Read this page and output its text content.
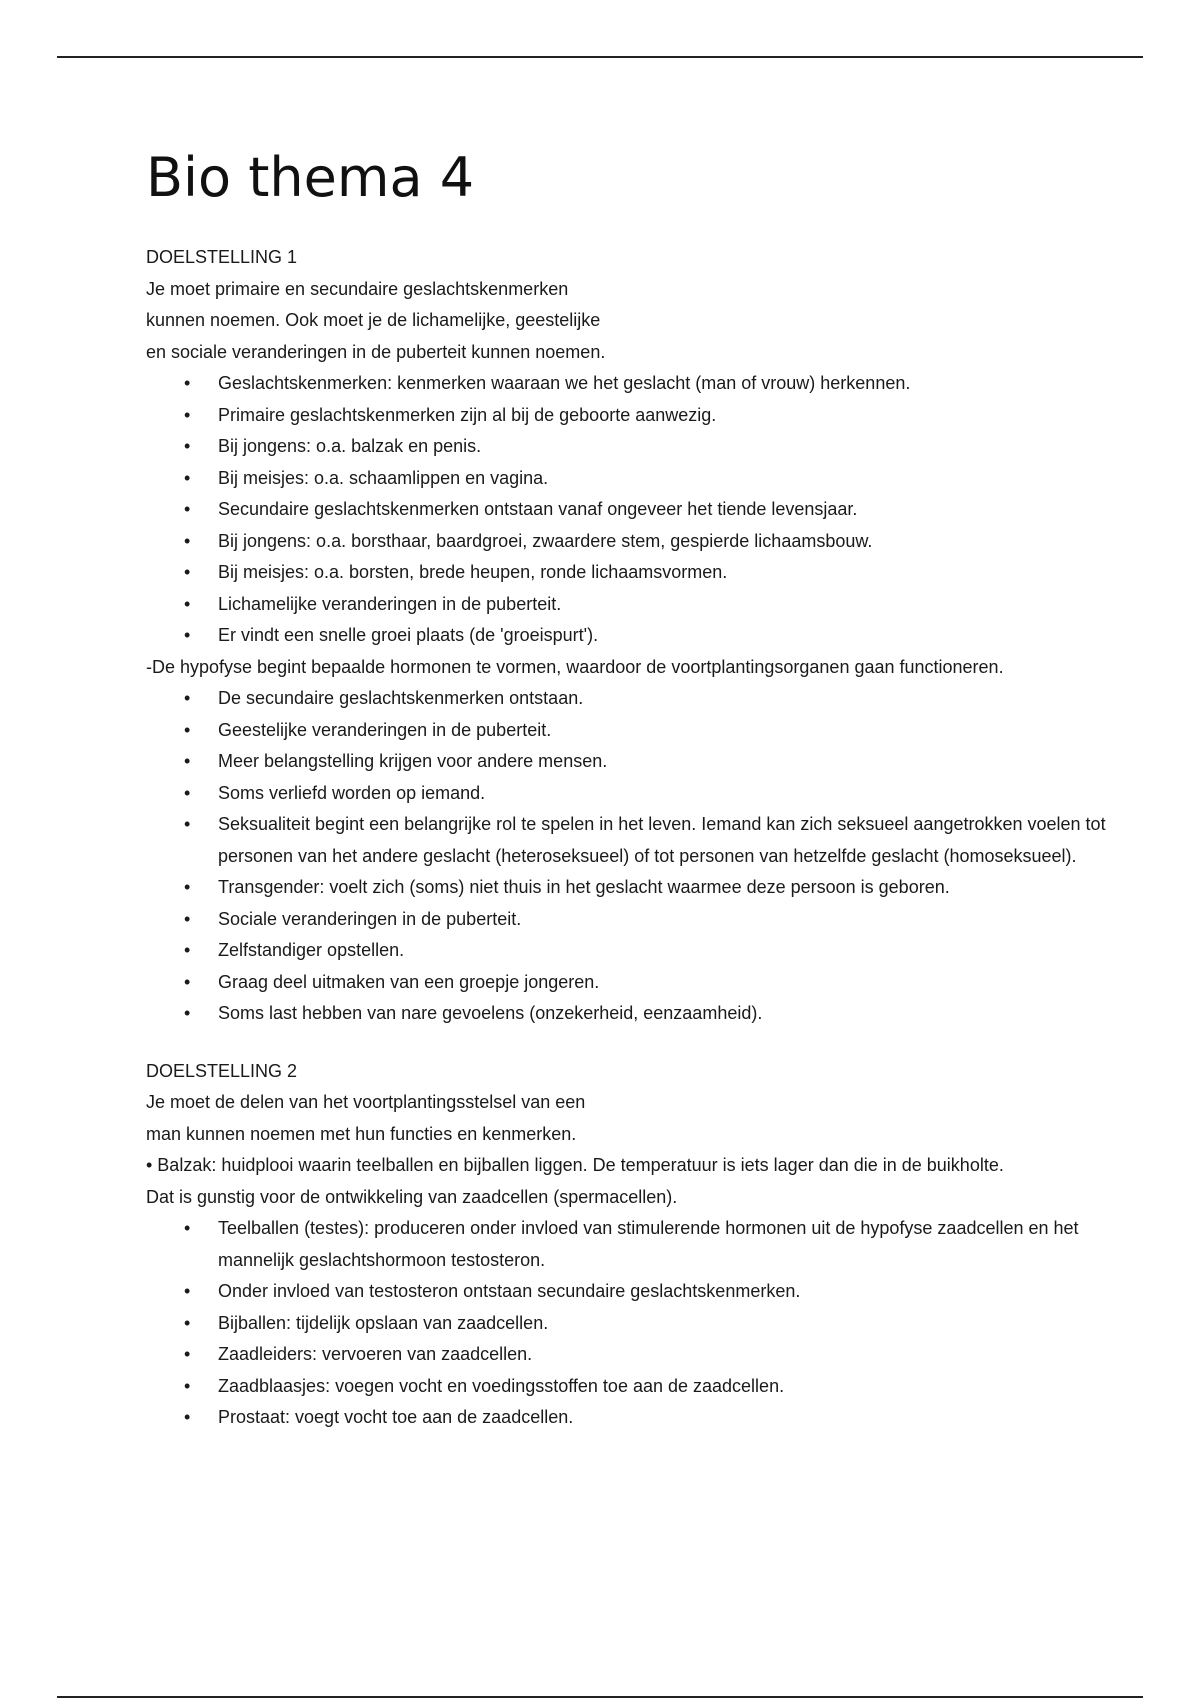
Bio thema 4

DOELSTELLING 1

Je moet primaire en secundaire geslachtskenmerken

kunnen noemen. Ook moet je de lichamelijke, geestelijke

en sociale veranderingen in de puberteit kunnen noemen.

• Geslachtskenmerken: kenmerken waaraan we het geslacht (man of vrouw) herkennen.
• Primaire geslachtskenmerken zijn al bij de geboorte aanwezig.
• Bij jongens: o.a. balzak en penis.
• Bij meisjes: o.a. schaamlippen en vagina.
• Secundaire geslachtskenmerken ontstaan vanaf ongeveer het tiende levensjaar.
• Bij jongens: o.a. borsthaar, baardgroei, zwaardere stem, gespierde lichaamsbouw.
• Bij meisjes: o.a. borsten, brede heupen, ronde lichaamsvormen.
• Lichamelijke veranderingen in de puberteit.
• Er vindt een snelle groei plaats (de 'groeispurt').

-De hypofyse begint bepaalde hormonen te vormen, waardoor de voortplantingsorganen gaan functioneren.

• De secundaire geslachtskenmerken ontstaan.
• Geestelijke veranderingen in de puberteit.
• Meer belangstelling krijgen voor andere mensen.
• Soms verliefd worden op iemand.
• Seksualiteit begint een belangrijke rol te spelen in het leven. Iemand kan zich seksueel aangetrokken voelen tot personen van het andere geslacht (heteroseksueel) of tot personen van hetzelfde geslacht (homoseksueel).
• Transgender: voelt zich (soms) niet thuis in het geslacht waarmee deze persoon is geboren.
• Sociale veranderingen in de puberteit.
• Zelfstandiger opstellen.
• Graag deel uitmaken van een groepje jongeren.
• Soms last hebben van nare gevoelens (onzekerheid, eenzaamheid).

DOELSTELLING 2

Je moet de delen van het voortplantingsstelsel van een

man kunnen noemen met hun functies en kenmerken.

• Balzak: huidplooi waarin teelballen en bijballen liggen. De temperatuur is iets lager dan die in de buikholte.

Dat is gunstig voor de ontwikkeling van zaadcellen (spermacellen).

• Teelballen (testes): produceren onder invloed van stimulerende hormonen uit de hypofyse zaadcellen en het mannelijk geslachtshormoon testosteron.
• Onder invloed van testosteron ontstaan secundaire geslachtskenmerken.
• Bijballen: tijdelijk opslaan van zaadcellen.
• Zaadleiders: vervoeren van zaadcellen.
• Zaadblaasjes: voegen vocht en voedingsstoffen toe aan de zaadcellen.
• Prostaat: voegt vocht toe aan de zaadcellen.
